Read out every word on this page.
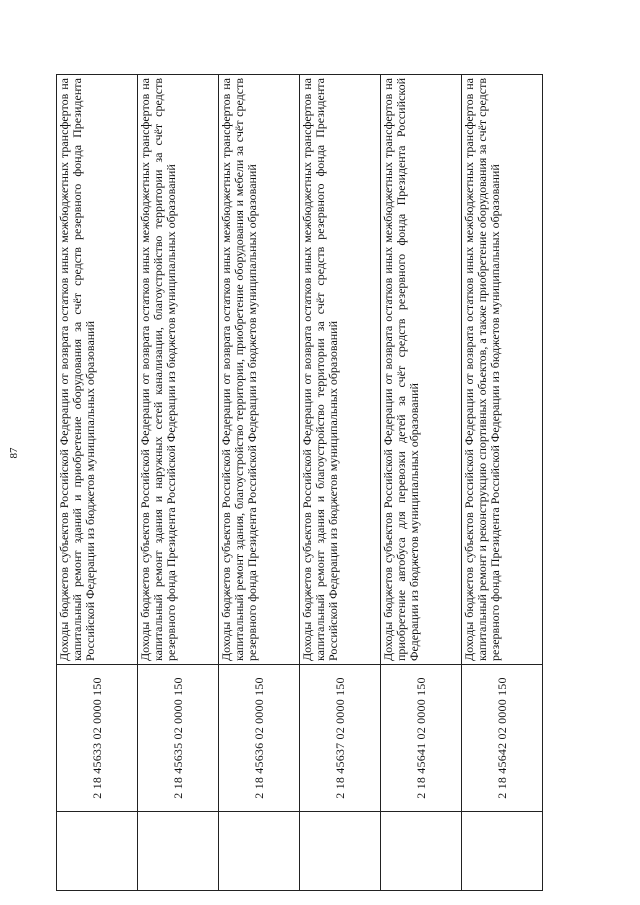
87
	2 18 45633 02 0000 150	Доходы бюджетов субъектов Российской Федерации от возврата остатков иных межбюджетных трансфертов на капитальный ремонт зданий и приобретение оборудования за счёт средств резервного фонда Президента Российской Федерации из бюджетов муниципальных образований
	2 18 45635 02 0000 150	Доходы бюджетов субъектов Российской Федерации от возврата остатков иных межбюджетных трансфертов на капитальный ремонт здания и наружных сетей канализации, благоустройство территории за счёт средств резервного фонда Президента Российской Федерации из бюджетов муниципальных образований
	2 18 45636 02 0000 150	Доходы бюджетов субъектов Российской Федерации от возврата остатков иных межбюджетных трансфертов на капитальный ремонт здания, благоустройство территории, приобретение оборудования и мебели за счёт средств резервного фонда Президента Российской Федерации из бюджетов муниципальных образований
	2 18 45637 02 0000 150	Доходы бюджетов субъектов Российской Федерации от возврата остатков иных межбюджетных трансфертов на капитальный ремонт здания и благоустройство территории за счёт средств резервного фонда Президента Российской Федерации из бюджетов муниципальных образований
	2 18 45641 02 0000 150	Доходы бюджетов субъектов Российской Федерации от возврата остатков иных межбюджетных трансфертов на приобретение автобуса для перевозки детей за счёт средств резервного фонда Президента Российской Федерации из бюджетов муниципальных образований
	2 18 45642 02 0000 150	Доходы бюджетов субъектов Российской Федерации от возврата остатков иных межбюджетных трансфертов на капитальный ремонт и реконструкцию спортивных объектов, а также приобретение оборудования за счёт средств резервного фонда Президента Российской Федерации из бюджетов муниципальных образований
